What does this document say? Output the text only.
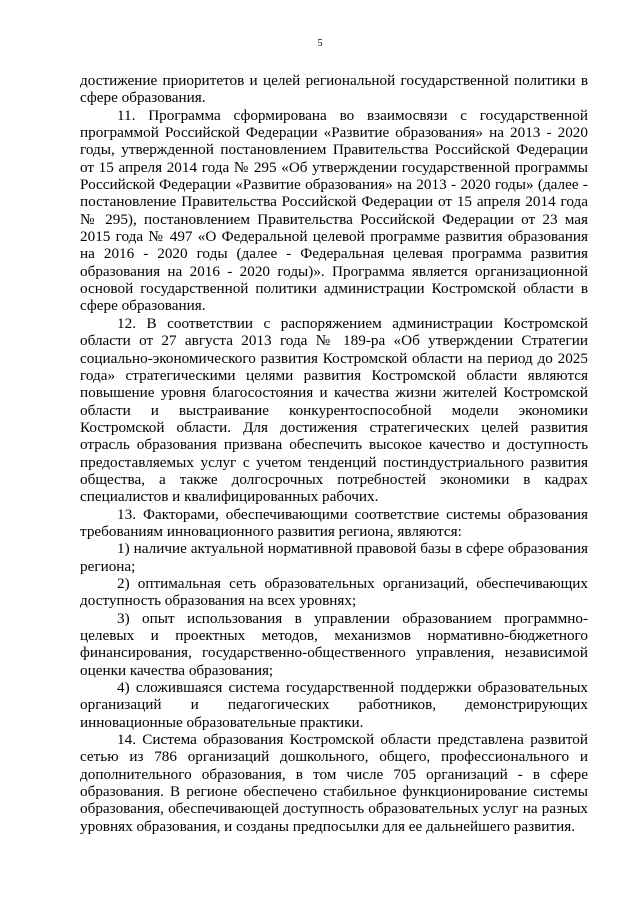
5

достижение приоритетов и целей региональной государственной политики в сфере образования.

11. Программа сформирована во взаимосвязи с государственной программой Российской Федерации «Развитие образования» на 2013 - 2020 годы, утвержденной постановлением Правительства Российской Федерации от 15 апреля 2014 года № 295 «Об утверждении государственной программы Российской Федерации «Развитие образования» на 2013 - 2020 годы» (далее - постановление Правительства Российской Федерации от 15 апреля 2014 года № 295), постановлением Правительства Российской Федерации от 23 мая 2015 года № 497 «О Федеральной целевой программе развития образования на 2016 - 2020 годы (далее - Федеральная целевая программа развития образования на 2016 - 2020 годы)». Программа является организационной основой государственной политики администрации Костромской области в сфере образования.

12. В соответствии с распоряжением администрации Костромской области от 27 августа 2013 года № 189-ра «Об утверждении Стратегии социально-экономического развития Костромской области на период до 2025 года» стратегическими целями развития Костромской области являются повышение уровня благосостояния и качества жизни жителей Костромской области и выстраивание конкурентоспособной модели экономики Костромской области. Для достижения стратегических целей развития отрасль образования призвана обеспечить высокое качество и доступность предоставляемых услуг с учетом тенденций постиндустриального развития общества, а также долгосрочных потребностей экономики в кадрах специалистов и квалифицированных рабочих.

13. Факторами, обеспечивающими соответствие системы образования требованиям инновационного развития региона, являются:

1) наличие актуальной нормативной правовой базы в сфере образования региона;

2) оптимальная сеть образовательных организаций, обеспечивающих доступность образования на всех уровнях;

3) опыт использования в управлении образованием программно-целевых и проектных методов, механизмов нормативно-бюджетного финансирования, государственно-общественного управления, независимой оценки качества образования;

4) сложившаяся система государственной поддержки образовательных организаций и педагогических работников, демонстрирующих инновационные образовательные практики.

14. Система образования Костромской области представлена развитой сетью из 786 организаций дошкольного, общего, профессионального и дополнительного образования, в том числе 705 организаций - в сфере образования. В регионе обеспечено стабильное функционирование системы образования, обеспечивающей доступность образовательных услуг на разных уровнях образования, и созданы предпосылки для ее дальнейшего развития.
